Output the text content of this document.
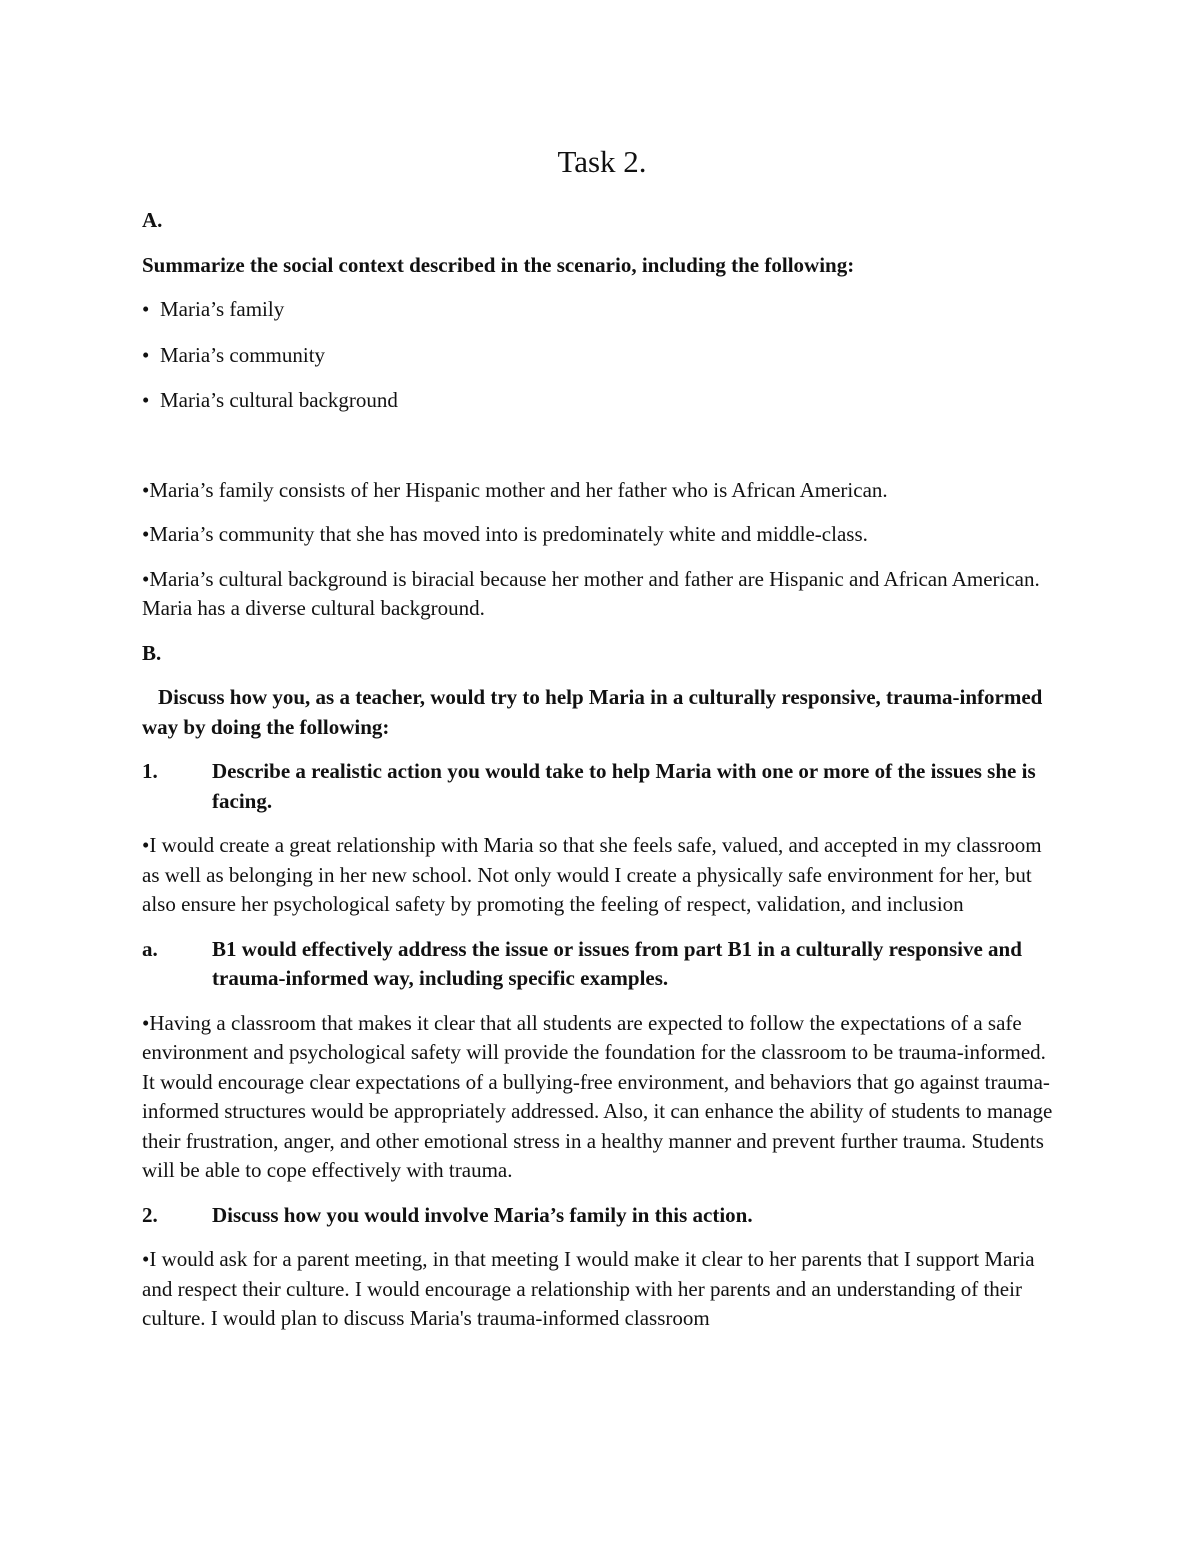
Task 2.

A.

Summarize the social context described in the scenario, including the following:

• Maria’s family
• Maria’s community
• Maria’s cultural background

•Maria’s family consists of her Hispanic mother and her father who is African American.

•Maria’s community that she has moved into is predominately white and middle-class.

•Maria’s cultural background is biracial because her mother and father are Hispanic and African American. Maria has a diverse cultural background.

B.

Discuss how you, as a teacher, would try to help Maria in a culturally responsive, trauma-informed way by doing the following:

1.	Describe a realistic action you would take to help Maria with one or more of the issues she is facing.

•I would create a great relationship with Maria so that she feels safe, valued, and accepted in my classroom as well as belonging in her new school. Not only would I create a physically safe environment for her, but also ensure her psychological safety by promoting the feeling of respect, validation, and inclusion

a.	B1 would effectively address the issue or issues from part B1 in a culturally responsive and trauma-informed way, including specific examples.

•Having a classroom that makes it clear that all students are expected to follow the expectations of a safe environment and psychological safety will provide the foundation for the classroom to be trauma-informed. It would encourage clear expectations of a bullying-free environment, and behaviors that go against trauma-informed structures would be appropriately addressed. Also, it can enhance the ability of students to manage their frustration, anger, and other emotional stress in a healthy manner and prevent further trauma. Students will be able to cope effectively with trauma.

2.	Discuss how you would involve Maria’s family in this action.

•I would ask for a parent meeting, in that meeting I would make it clear to her parents that I support Maria and respect their culture. I would encourage a relationship with her parents and an understanding of their culture. I would plan to discuss Maria's trauma-informed classroom
